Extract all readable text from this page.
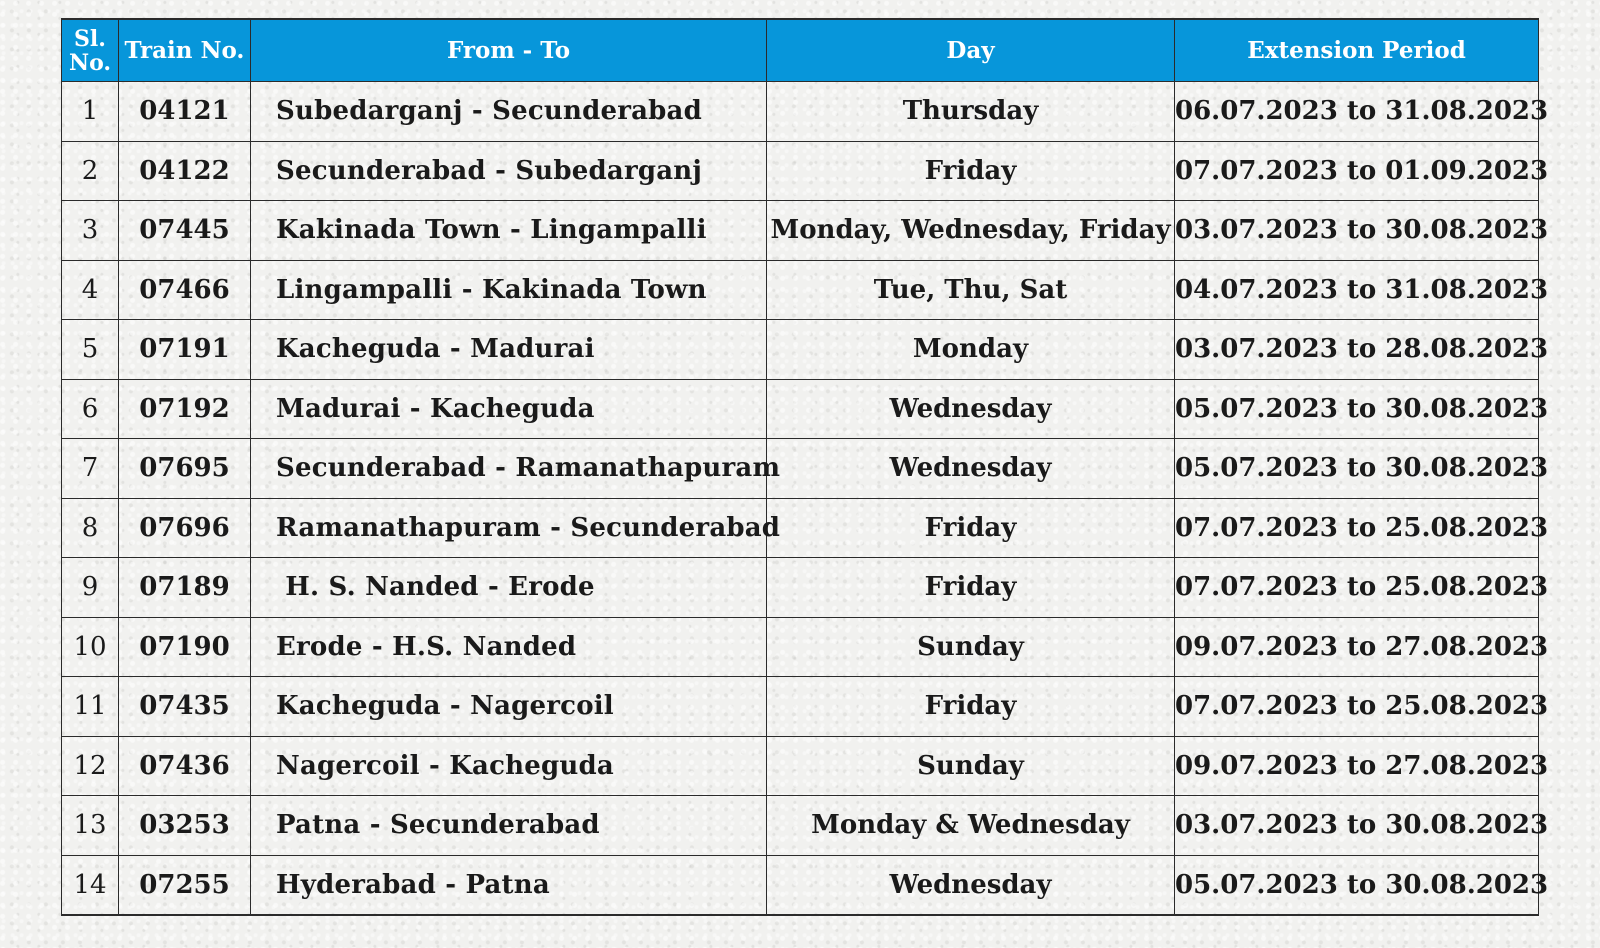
Sl.
No.	Train No.	From - To	Day	Extension Period
1	04121	Subedarganj - Secunderabad	Thursday	06.07.2023 to 31.08.2023
2	04122	Secunderabad - Subedarganj	Friday	07.07.2023 to 01.09.2023
3	07445	Kakinada Town - Lingampalli	Monday, Wednesday, Friday	03.07.2023 to 30.08.2023
4	07466	Lingampalli - Kakinada Town	Tue, Thu, Sat	04.07.2023 to 31.08.2023
5	07191	Kacheguda - Madurai	Monday	03.07.2023 to 28.08.2023
6	07192	Madurai - Kacheguda	Wednesday	05.07.2023 to 30.08.2023
7	07695	Secunderabad - Ramanathapuram	Wednesday	05.07.2023 to 30.08.2023
8	07696	Ramanathapuram - Secunderabad	Friday	07.07.2023 to 25.08.2023
9	07189	H. S. Nanded - Erode	Friday	07.07.2023 to 25.08.2023
10	07190	Erode - H.S. Nanded	Sunday	09.07.2023 to 27.08.2023
11	07435	Kacheguda - Nagercoil	Friday	07.07.2023 to 25.08.2023
12	07436	Nagercoil - Kacheguda	Sunday	09.07.2023 to 27.08.2023
13	03253	Patna - Secunderabad	Monday & Wednesday	03.07.2023 to 30.08.2023
14	07255	Hyderabad - Patna	Wednesday	05.07.2023 to 30.08.2023
